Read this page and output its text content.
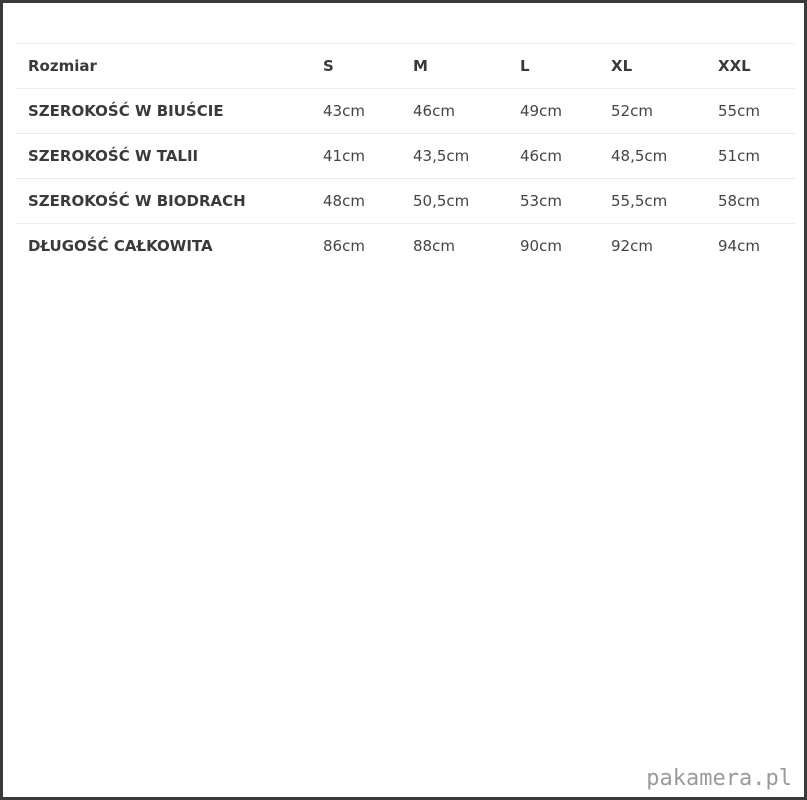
Rozmiar	S	M	L	XL	XXL
SZEROKOŚĆ W BIUŚCIE	43cm	46cm	49cm	52cm	55cm
SZEROKOŚĆ W TALII	41cm	43,5cm	46cm	48,5cm	51cm
SZEROKOŚĆ W BIODRACH	48cm	50,5cm	53cm	55,5cm	58cm
DŁUGOŚĆ CAŁKOWITA	86cm	88cm	90cm	92cm	94cm
pakamera.pl
